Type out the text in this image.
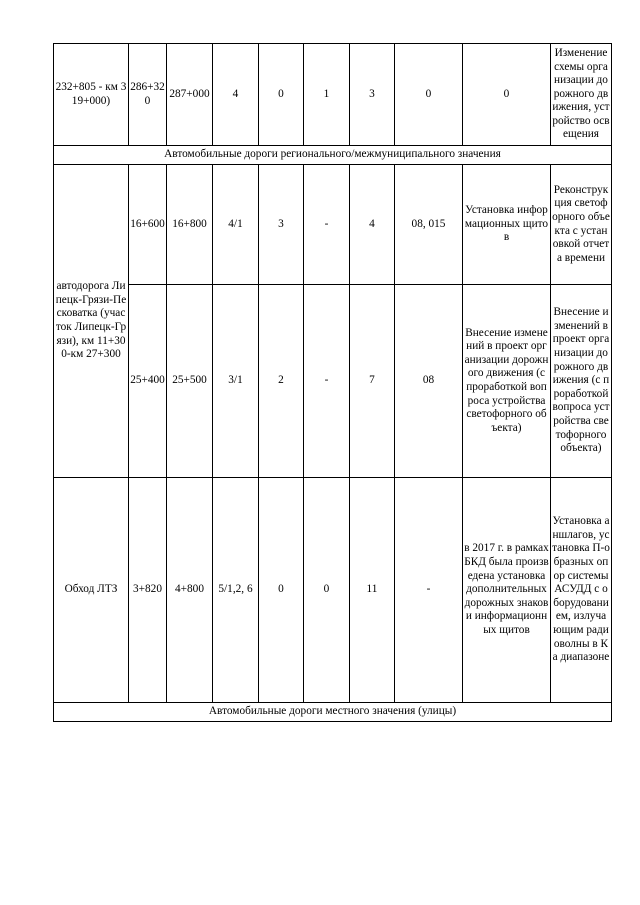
232+805 - км 319+000)	286+320	287+000	4	0	1	3	0	0	Изменение схемы организации дорожного движения, устройство освещения
Автомобильные дороги регионального/межмуниципального значения									
автодорога Липецк-Грязи-Песковатка (участок Липецк-Грязи), км 11+300-км 27+300	16+600	16+800	4/1	3	-	4	08, 015	Установка информационных щитов	Реконструкция светофорного объекта с установкой отчета времени
	25+400	25+500	3/1	2	-	7	08	Внесение изменений в проект организации дорожного движения (с проработкой вопроса устройства светофорного объекта)	Внесение изменений в проект организации дорожного движения (с проработкой вопроса устройства светофорного объекта)
Обход ЛТЗ	3+820	4+800	5/1,2, 6	0	0	11	-	в 2017 г. в рамках БКД была произведена установка дополнительных дорожных знаков и информационных щитов	Установка аншлагов, установка П-образных опор системы АСУДД с оборудованием, излучающим радиоволны в Ка диапазоне
Автомобильные дороги местного значения (улицы)									
